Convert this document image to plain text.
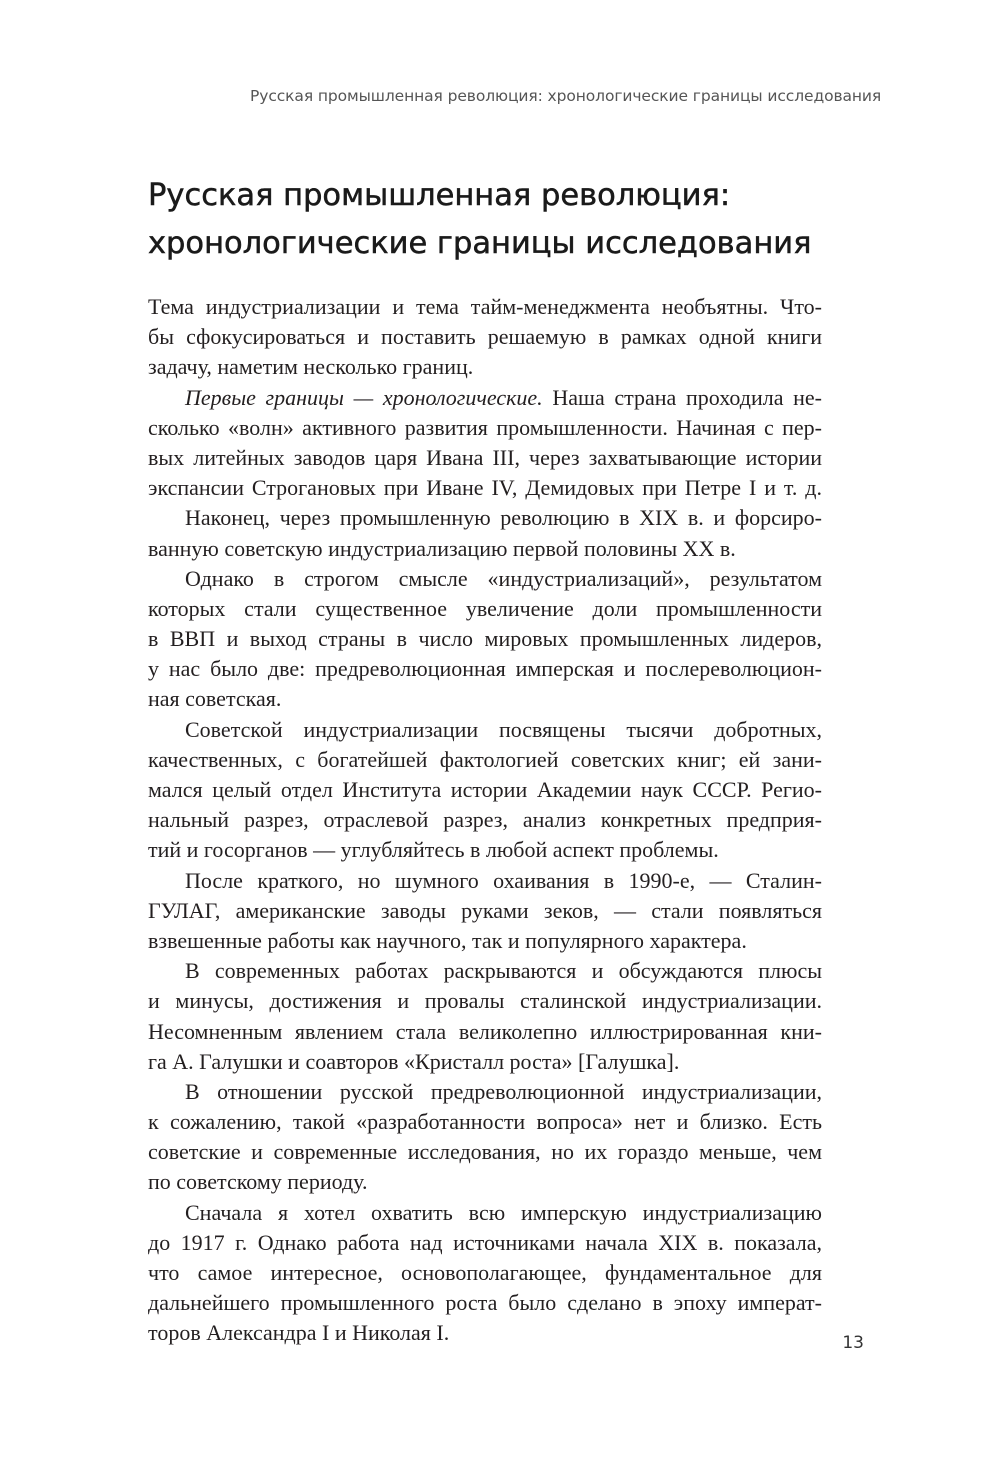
Русская промышленная революция: хронологические границы исследования
Русская промышленная революция:
хронологические границы исследования
Тема индустриализации и тема тайм-менеджмента необъятны. Что-
бы сфокусироваться и поставить решаемую в рамках одной книги
задачу, наметим несколько границ.
Первые границы — хронологические. Наша страна проходила не-
сколько «волн» активного развития промышленности. Начиная с пер-
вых литейных заводов царя Ивана III, через захватывающие истории
экспансии Строгановых при Иване IV, Демидовых при Петре I и т. д.
Наконец, через промышленную революцию в XIX в. и форсиро-
ванную советскую индустриализацию первой половины XX в.
Однако в строгом смысле «индустриализаций», результатом
которых стали существенное увеличение доли промышленности
в ВВП и выход страны в число мировых промышленных лидеров,
у нас было две: предреволюционная имперская и послереволюцион-
ная советская.
Советской индустриализации посвящены тысячи добротных,
качественных, с богатейшей фактологией советских книг; ей зани-
мался целый отдел Института истории Академии наук СССР. Регио-
нальный разрез, отраслевой разрез, анализ конкретных предприя-
тий и госорганов — углубляйтесь в любой аспект проблемы.
После краткого, но шумного охаивания в 1990-е, — Сталин-
ГУЛАГ, американские заводы руками зеков, — стали появляться
взвешенные работы как научного, так и популярного характера.
В современных работах раскрываются и обсуждаются плюсы
и минусы, достижения и провалы сталинской индустриализации.
Несомненным явлением стала великолепно иллюстрированная кни-
га А. Галушки и соавторов «Кристалл роста» [Галушка].
В отношении русской предреволюционной индустриализации,
к сожалению, такой «разработанности вопроса» нет и близко. Есть
советские и современные исследования, но их гораздо меньше, чем
по советскому периоду.
Сначала я хотел охватить всю имперскую индустриализацию
до 1917 г. Однако работа над источниками начала XIX в. показала,
что самое интересное, основополагающее, фундаментальное для
дальнейшего промышленного роста было сделано в эпоху императ-
торов Александра I и Николая I.	13
